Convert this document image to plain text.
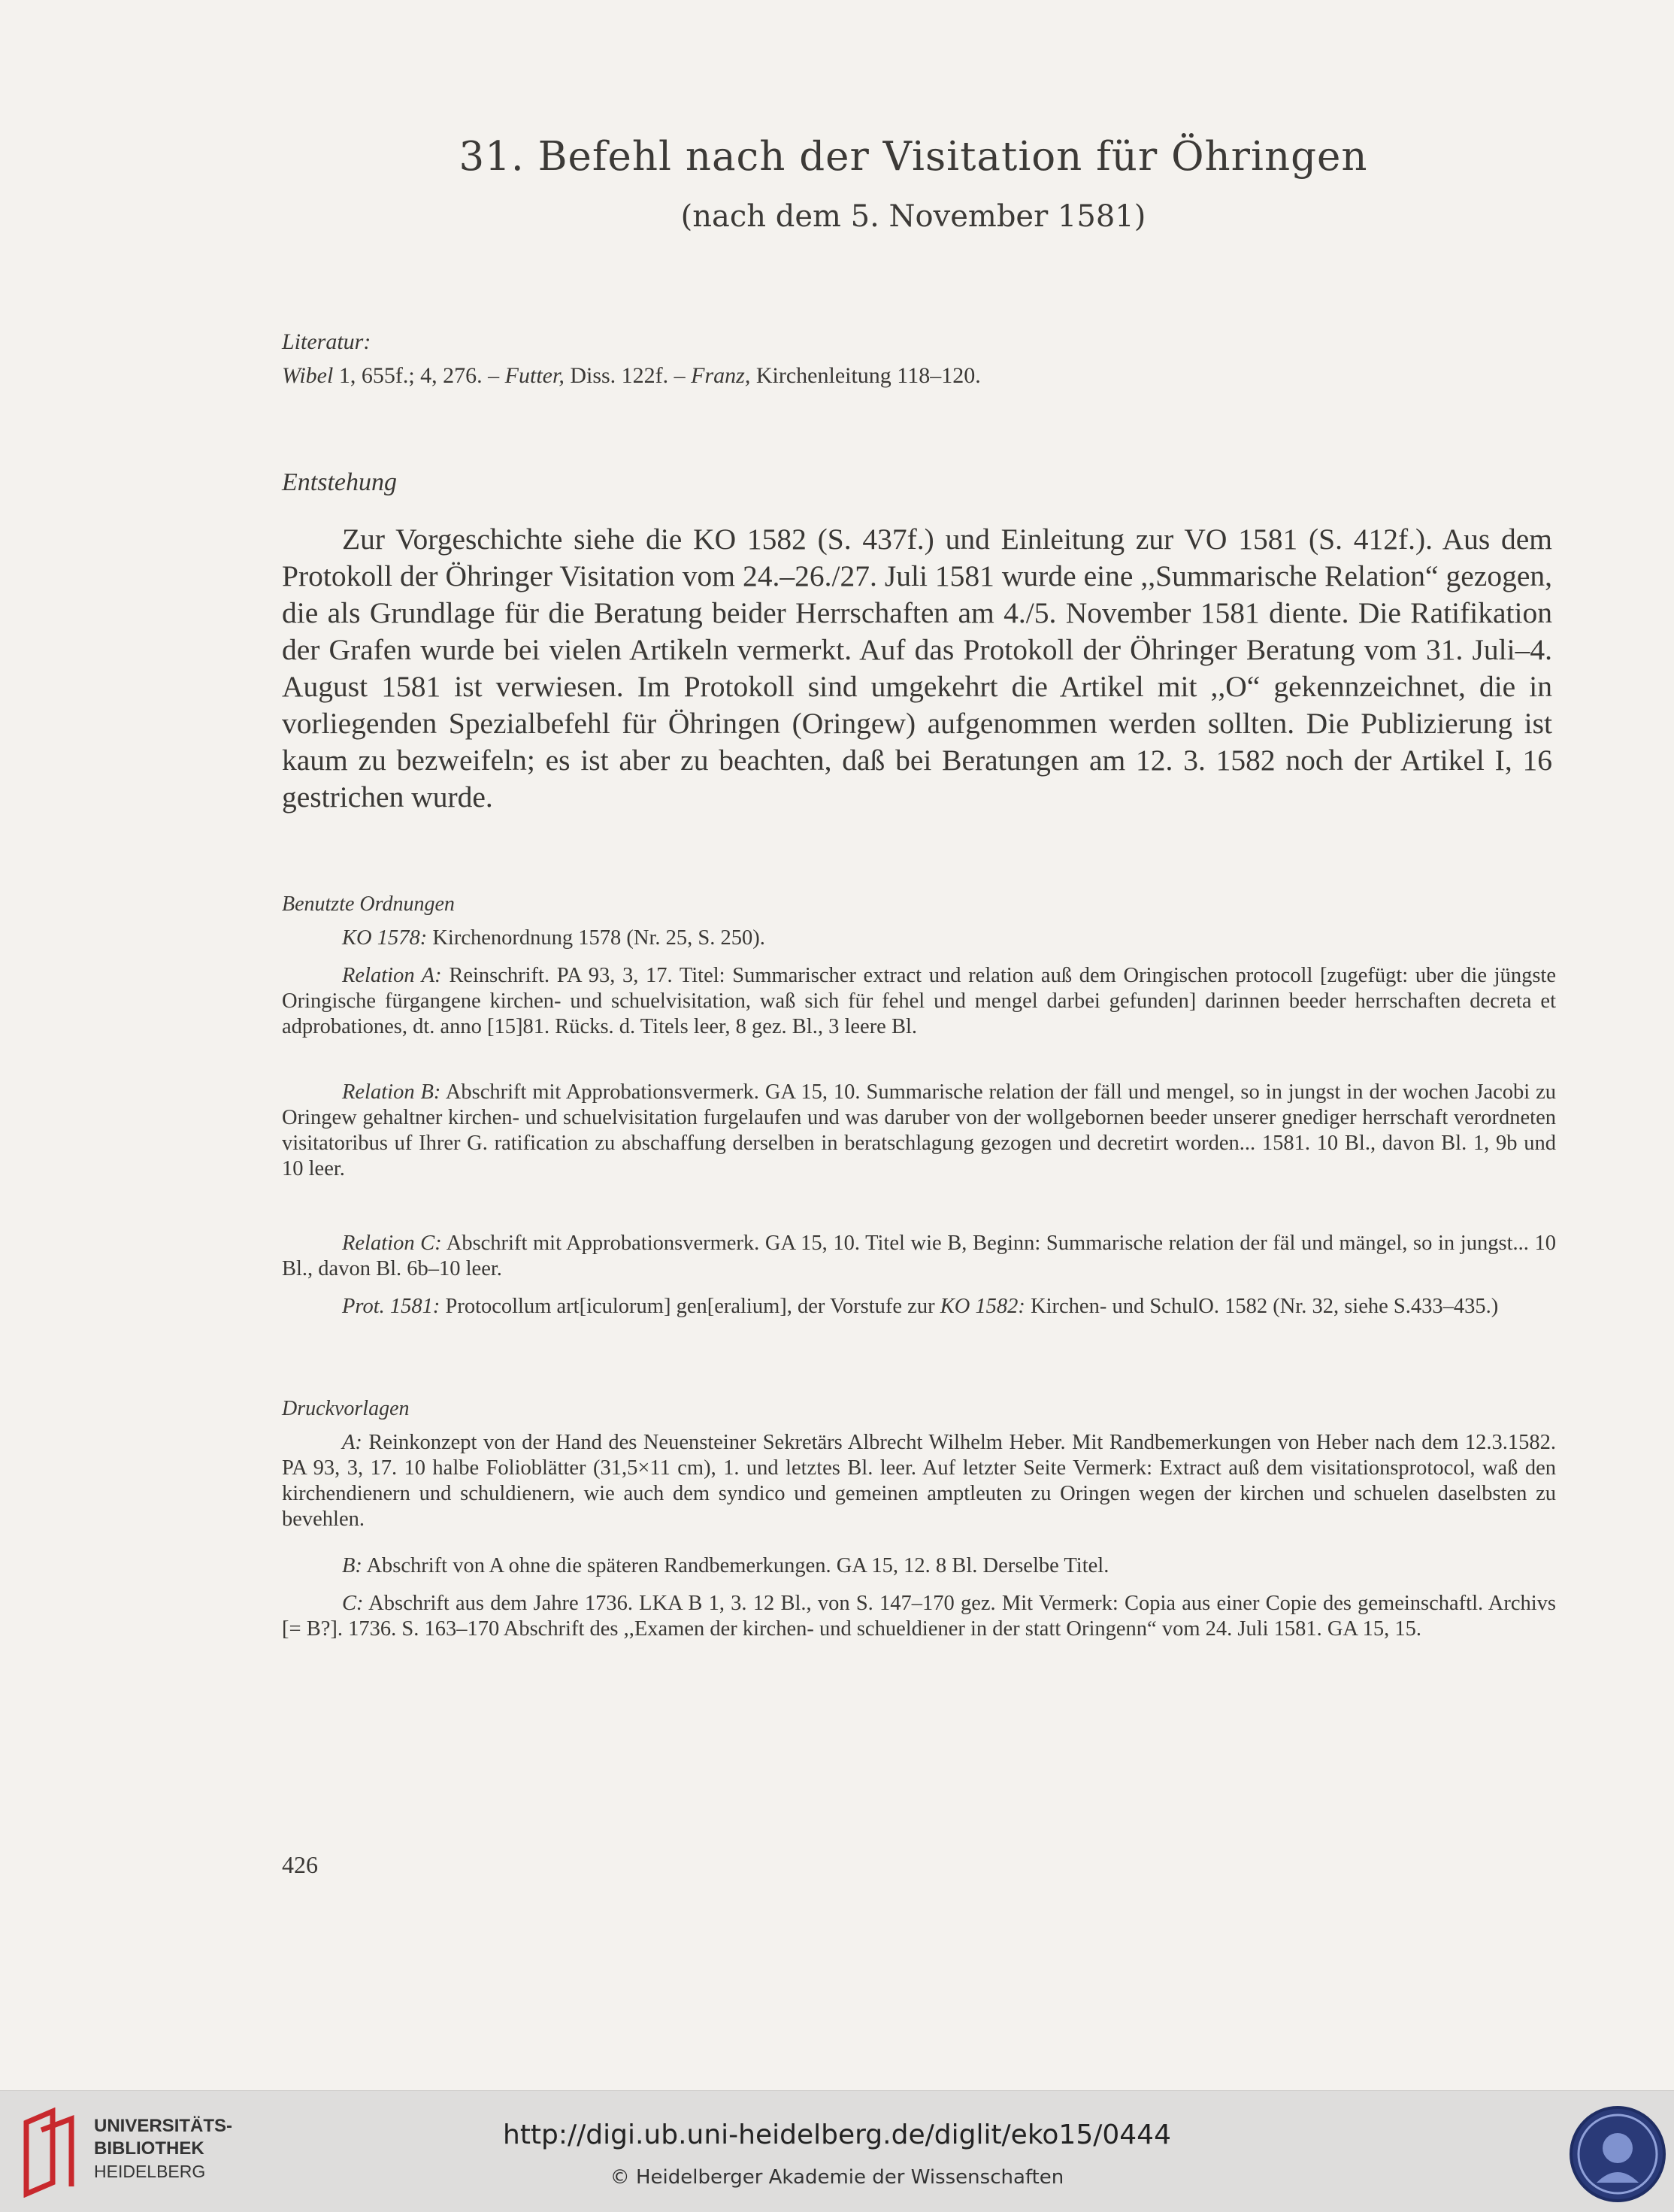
31. Befehl nach der Visitation für Öhringen
(nach dem 5. November 1581)
Literatur:
Wibel 1, 655f.; 4, 276. – Futter, Diss. 122f. – Franz, Kirchenleitung 118–120.
Entstehung
Zur Vorgeschichte siehe die KO 1582 (S. 437f.) und Einleitung zur VO 1581 (S. 412f.). Aus dem Protokoll der Öhringer Visitation vom 24.–26./27. Juli 1581 wurde eine ,,Summarische Relation“ gezogen, die als Grundlage für die Beratung beider Herrschaften am 4./5. November 1581 diente. Die Ratifikation der Grafen wurde bei vielen Artikeln vermerkt. Auf das Protokoll der Öhringer Beratung vom 31. Juli–4. August 1581 ist verwiesen. Im Protokoll sind umgekehrt die Artikel mit ,,O“ gekennzeichnet, die in vorliegenden Spezialbefehl für Öhringen (Oringew) aufgenommen werden sollten. Die Publizierung ist kaum zu bezweifeln; es ist aber zu beachten, daß bei Beratungen am 12. 3. 1582 noch der Artikel I, 16 gestrichen wurde.
Benutzte Ordnungen
KO 1578: Kirchenordnung 1578 (Nr. 25, S. 250).
Relation A: Reinschrift. PA 93, 3, 17. Titel: Summarischer extract und relation auß dem Oringischen protocoll [zugefügt: uber die jüngste Oringische fürgangene kirchen- und schuelvisitation, waß sich für fehel und mengel darbei gefunden] darinnen beeder herrschaften decreta et adprobationes, dt. anno [15]81. Rücks. d. Titels leer, 8 gez. Bl., 3 leere Bl.
Relation B: Abschrift mit Approbationsvermerk. GA 15, 10. Summarische relation der fäll und mengel, so in jungst in der wochen Jacobi zu Oringew gehaltner kirchen- und schuelvisitation furgelaufen und was daruber von der wollgebornen beeder unserer gnediger herrschaft verordneten visitatoribus uf Ihrer G. ratification zu abschaffung derselben in beratschlagung gezogen und decretirt worden... 1581. 10 Bl., davon Bl. 1, 9b und 10 leer.
Relation C: Abschrift mit Approbationsvermerk. GA 15, 10. Titel wie B, Beginn: Summarische relation der fäl und mängel, so in jungst... 10 Bl., davon Bl. 6b–10 leer.
Prot. 1581: Protocollum art[iculorum] gen[eralium], der Vorstufe zur KO 1582: Kirchen- und SchulO. 1582 (Nr. 32, siehe S.433–435.)
Druckvorlagen
A: Reinkonzept von der Hand des Neuensteiner Sekretärs Albrecht Wilhelm Heber. Mit Randbemerkungen von Heber nach dem 12.3.1582. PA 93, 3, 17. 10 halbe Folioblätter (31,5×11 cm), 1. und letztes Bl. leer. Auf letzter Seite Vermerk: Extract auß dem visitationsprotocol, waß den kirchendienern und schuldienern, wie auch dem syndico und gemeinen amptleuten zu Oringen wegen der kirchen und schuelen daselbsten zu bevehlen.
B: Abschrift von A ohne die späteren Randbemerkungen. GA 15, 12. 8 Bl. Derselbe Titel.
C: Abschrift aus dem Jahre 1736. LKA B 1, 3. 12 Bl., von S. 147–170 gez. Mit Vermerk: Copia aus einer Copie des gemeinschaftl. Archivs [= B?]. 1736. S. 163–170 Abschrift des ,,Examen der kirchen- und schueldiener in der statt Oringenn“ vom 24. Juli 1581. GA 15, 15.
426
UNIVERSITÄTS-
BIBLIOTHEK
HEIDELBERG
http://digi.ub.uni-heidelberg.de/diglit/eko15/0444
© Heidelberger Akademie der Wissenschaften
